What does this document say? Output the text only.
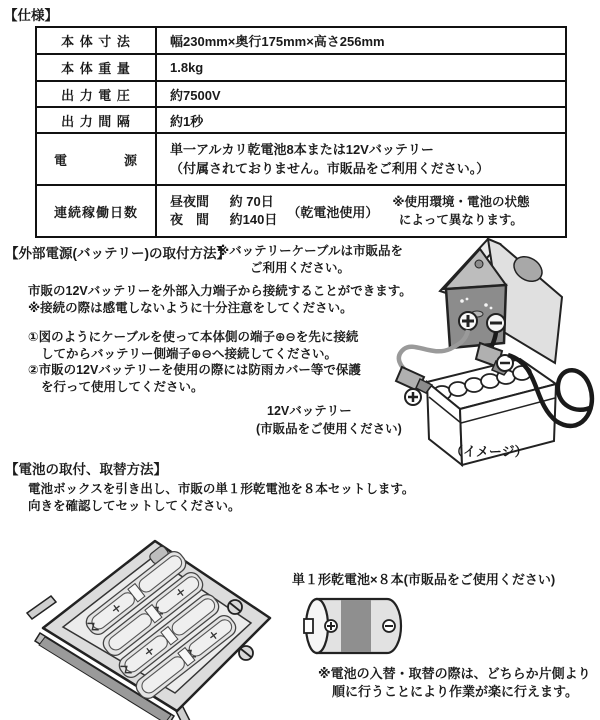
【仕様】
本 体 寸 法	幅230mm×奥行175mm×高さ256mm
本 体 重 量	1.8kg
出 力 電 圧	約7500V
出 力 間 隔	約1秒
電　　　　源	単一アルカリ乾電池8本または12Vバッテリー
（付属されておりません。市販品をご利用ください。）

連続稼働日数	昼夜間 約 70日
夜　間 約140日 （乾電池使用）
※使用環境・電池の状態
によって異なります。
【外部電源(バッテリー)の取付方法】
※バッテリーケーブルは市販品を
ご利用ください。
市販の12Vバッテリーを外部入力端子から接続することができます。
※接続の際は感電しないように十分注意をしてください。
①図のようにケーブルを使って本体側の端子⊕⊖を先に接続
してからバッテリー側端子⊕⊖へ接続してください。
②市販の12Vバッテリーを使用の際には防雨カバー等で保護
を行って使用してください。
12Vバッテリー
(市販品をご使用ください)
（イメージ）
【電池の取付、取替方法】
電池ボックスを引き出し、市販の単１形乾電池を８本セットします。
向きを確認してセットしてください。
単１形乾電池×８本(市販品をご使用ください)
※電池の入替・取替の際は、どちらか片側より
順に行うことにより作業が楽に行えます。
